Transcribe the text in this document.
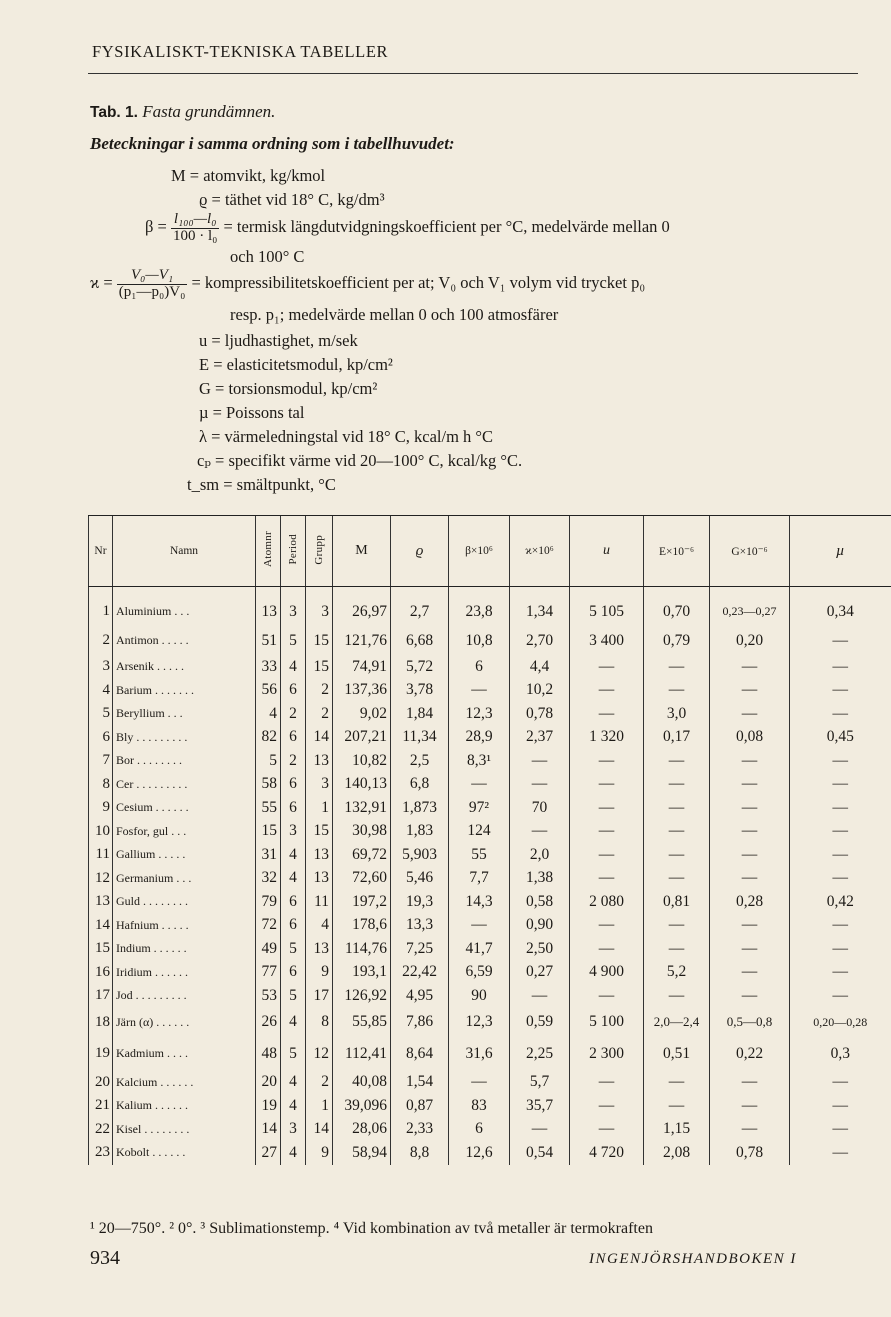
FYSIKALISKT-TEKNISKA TABELLER
Tab. 1. Fasta grundämnen.
Beteckningar i samma ordning som i tabellhuvudet:
M = atomvikt, kg/kmol
ϱ = täthet vid 18° C, kg/dm³
$\beta = \frac{\text{l₁₀₀—l₀}}{\text{100 · l₀}}$ = termisk längdutvidgningskoefficient per °C, medelvärde mellan 0
och 100° C
$ϰ = \frac{\text{V₀—V₁}}{\text{(p₁—p₀)V₀}}$ = kompressibilitetskoefficient per at; V₀ och V₁ volym vid trycket p₀
resp. p₁; medelvärde mellan 0 och 100 atmosfärer
u = ljudhastighet, m/sek
E = elasticitetsmodul, kp/cm²
G = torsionsmodul, kp/cm²
µ = Poissons tal
λ = värmeledningstal vid 18° C, kcal/m h °C
cₚ = specifikt värme vid 20—100° C, kcal/kg °C.
t_sm = smältpunkt, °C
Nr	Namn	Atomnr	Period	Grupp	M	ϱ	β×10⁶	ϰ×10⁶	u	E×10⁻⁶	G×10⁻⁶	µ

1	Aluminium . . .	13	3	3	26,97	2,7	23,8	1,34	5 105	0,70	0,23—0,27	0,34
2	Antimon . . . . .	51	5	15	121,76	6,68	10,8	2,70	3 400	0,79	0,20	—
3	Arsenik . . . . .	33	4	15	74,91	5,72	6	4,4	—	—	—	—
4	Barium . . . . . . .	56	6	2	137,36	3,78	—	10,2	—	—	—	—
5	Beryllium . . .	4	2	2	9,02	1,84	12,3	0,78	—	3,0	—	—
6	Bly . . . . . . . . .	82	6	14	207,21	11,34	28,9	2,37	1 320	0,17	0,08	0,45
7	Bor . . . . . . . .	5	2	13	10,82	2,5	8,3¹	—	—	—	—	—
8	Cer . . . . . . . . .	58	6	3	140,13	6,8	—	—	—	—	—	—
9	Cesium . . . . . .	55	6	1	132,91	1,873	97²	70	—	—	—	—
10	Fosfor, gul . . .	15	3	15	30,98	1,83	124	—	—	—	—	—
11	Gallium . . . . .	31	4	13	69,72	5,903	55	2,0	—	—	—	—
12	Germanium . . .	32	4	13	72,60	5,46	7,7	1,38	—	—	—	—
13	Guld . . . . . . . .	79	6	11	197,2	19,3	14,3	0,58	2 080	0,81	0,28	0,42
14	Hafnium . . . . .	72	6	4	178,6	13,3	—	0,90	—	—	—	—
15	Indium . . . . . .	49	5	13	114,76	7,25	41,7	2,50	—	—	—	—
16	Iridium . . . . . .	77	6	9	193,1	22,42	6,59	0,27	4 900	5,2	—	—
17	Jod . . . . . . . . .	53	5	17	126,92	4,95	90	—	—	—	—	—
18	Järn (α) . . . . . .	26	4	8	55,85	7,86	12,3	0,59	5 100	2,0—2,4	0,5—0,8	0,20—0,28
19	Kadmium . . . .	48	5	12	112,41	8,64	31,6	2,25	2 300	0,51	0,22	0,3
20	Kalcium . . . . . .	20	4	2	40,08	1,54	—	5,7	—	—	—	—
21	Kalium . . . . . .	19	4	1	39,096	0,87	83	35,7	—	—	—	—
22	Kisel . . . . . . . .	14	3	14	28,06	2,33	6	—	—	1,15	—	—
23	Kobolt . . . . . .	27	4	9	58,94	8,8	12,6	0,54	4 720	2,08	0,78	—
¹ 20—750°. ² 0°. ³ Sublimationstemp. ⁴ Vid kombination av två metaller är termokraften
934	INGENJÖRSHANDBOKEN I
